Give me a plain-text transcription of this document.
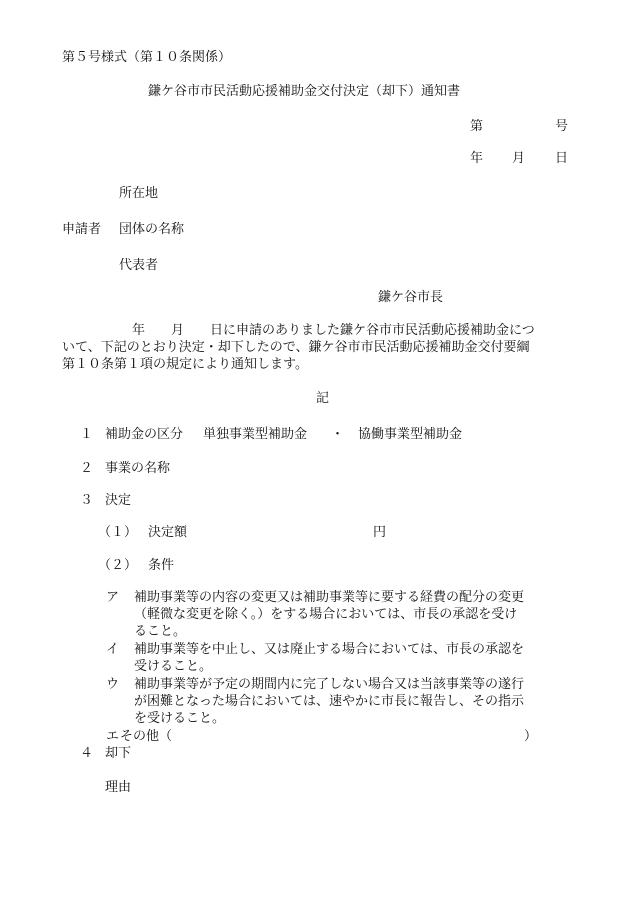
第５号様式（第１０条関係）
鎌ケ谷市市民活動応援補助金交付決定（却下）通知書
第	号
年 月 日
所在地
申請者 団体の名称
代表者
鎌ケ谷市長
年　　月　　日に申請のありました鎌ケ谷市市民活動応援補助金につ
いて、下記のとおり決定・却下したので、鎌ケ谷市市民活動応援補助金交付要綱
第１０条第１項の規定により通知します。
記
１ 補助金の区分 単独事業型補助金 ・ 協働事業型補助金
２ 事業の名称
３ 決定
（１） 決定額	円
（２） 条件
ア 補助事業等の内容の変更又は補助事業等に要する経費の配分の変更
（軽微な変更を除く。）をする場合においては、市長の承認を受け
ること。
イ 補助事業等を中止し、又は廃止する場合においては、市長の承認を
受けること。
ウ 補助事業等が予定の期間内に完了しない場合又は当該事業等の遂行
が困難となった場合においては、速やかに市長に報告し、その指示
を受けること。
エ その他（	）
４ 却下
理由
